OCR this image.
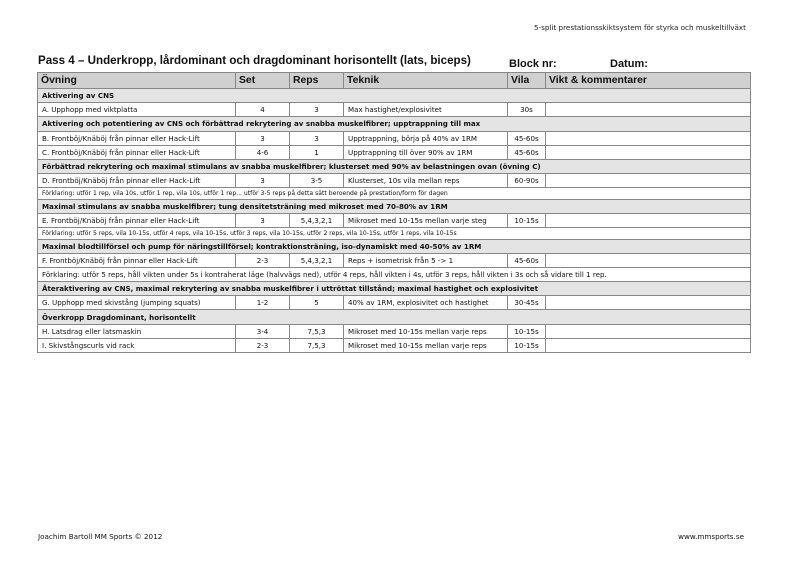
5-split prestationsskiktsystem för styrka och muskeltillväxt
Pass 4 – Underkropp, lårdominant och dragdominant horisontellt (lats, biceps)	Block nr:	Datum:
Övning	Set	Reps	Teknik	Vila	Vikt & kommentarer
Aktivering av CNS					
A. Upphopp med viktplatta	4	3	Max hastighet/explosivitet	30s	
Aktivering och potentiering av CNS och förbättrad rekrytering av snabba muskelfibrer; upptrappning till max					
B. Frontböj/Knäböj från pinnar eller Hack-Lift	3	3	Upptrappning, börja på 40% av 1RM	45-60s	
C. Frontböj/Knäböj från pinnar eller Hack-Lift	4-6	1	Upptrappning till över 90% av 1RM	45-60s	
Förbättrad rekrytering och maximal stimulans av snabba muskelfibrer; klusterset med 90% av belastningen ovan (övning C)					
D. Frontböj/Knäböj från pinnar eller Hack-Lift	3	3-5	Klusterset, 10s vila mellan reps	60-90s	
Förklaring: utför 1 rep, vila 10s, utför 1 rep, vila 10s, utför 1 rep... utför 3-5 reps på detta sätt beroende på prestation/form för dagen					
Maximal stimulans av snabba muskelfibrer; tung densitetsträning med mikroset med 70-80% av 1RM					
E. Frontböj/Knäböj från pinnar eller Hack-Lift	3	5,4,3,2,1	Mikroset med 10-15s mellan varje steg	10-15s	
Förklaring: utför 5 reps, vila 10-15s, utför 4 reps, vila 10-15s, utför 3 reps, vila 10-15s, utför 2 reps, vila 10-15s, utför 1 reps, vila 10-15s					
Maximal blodtillförsel och pump för näringstillförsel; kontraktionsträning, iso-dynamiskt med 40-50% av 1RM					
F. Frontböj/Knäböj från pinnar eller Hack-Lift	2-3	5,4,3,2,1	Reps + isometrisk från 5 -> 1	45-60s	
Förklaring: utför 5 reps, håll vikten under 5s i kontraherat läge (halvvägs ned), utför 4 reps, håll vikten i 4s, utför 3 reps, håll vikten i 3s och så vidare till 1 rep.					
Återaktivering av CNS, maximal rekrytering av snabba muskelfibrer i uttröttat tillstånd; maximal hastighet och explosivitet					
G. Upphopp med skivstång (jumping squats)	1-2	5	40% av 1RM, explosivitet och hastighet	30-45s	
Överkropp Dragdominant, horisontellt					
H. Latsdrag eller latsmaskin	3-4	7,5,3	Mikroset med 10-15s mellan varje reps	10-15s	
I. Skivstångscurls vid rack	2-3	7,5,3	Mikroset med 10-15s mellan varje reps	10-15s	
Joachim Bartoll MM Sports © 2012	www.mmsports.se
